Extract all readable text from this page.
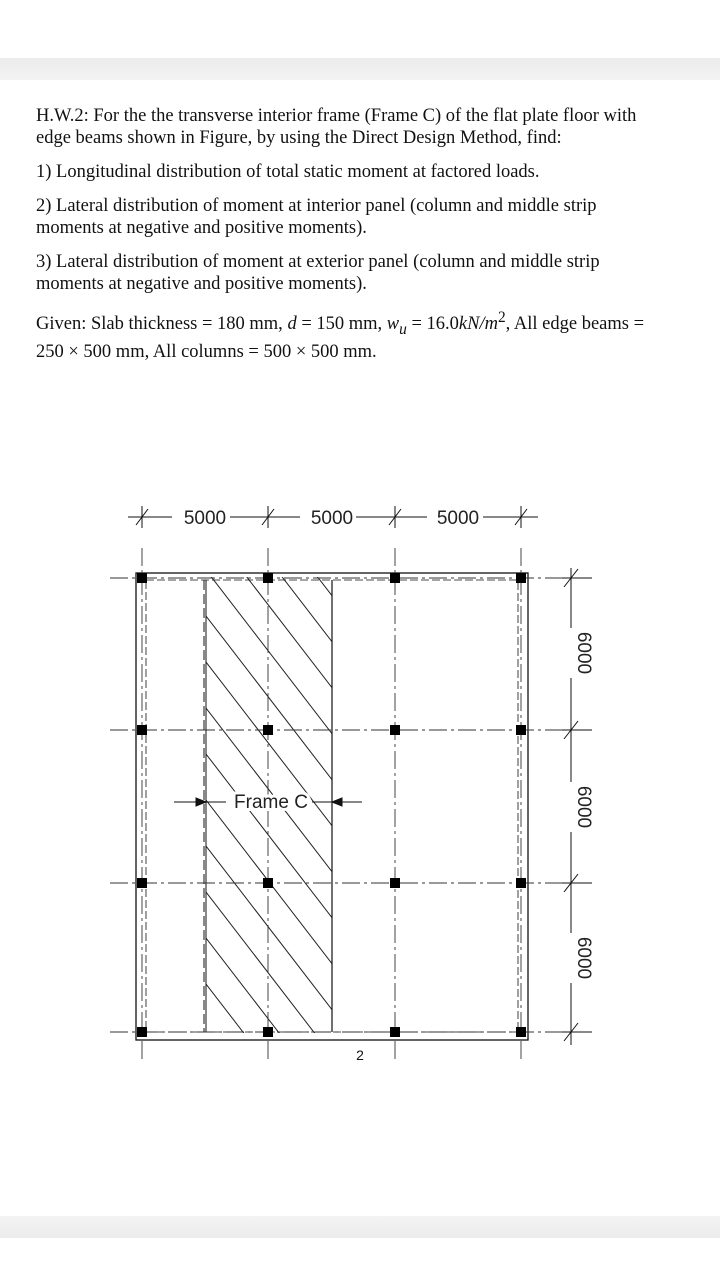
H.W.2: For the the transverse interior frame (Frame C) of the flat plate floor with edge beams shown in Figure, by using the Direct Design Method, find:

1) Longitudinal distribution of total static moment at factored loads.

2) Lateral distribution of moment at interior panel (column and middle strip moments at negative and positive moments).

3) Lateral distribution of moment at exterior panel (column and middle strip moments at negative and positive moments).

Given: Slab thickness = 180 mm, d = 150 mm, $w_u = 16.0kN/m^2$, All edge beams = 250 × 500 mm, All columns = 500 × 500 mm.

5000	5000	5000
6000
6000
6000
Frame C
2
